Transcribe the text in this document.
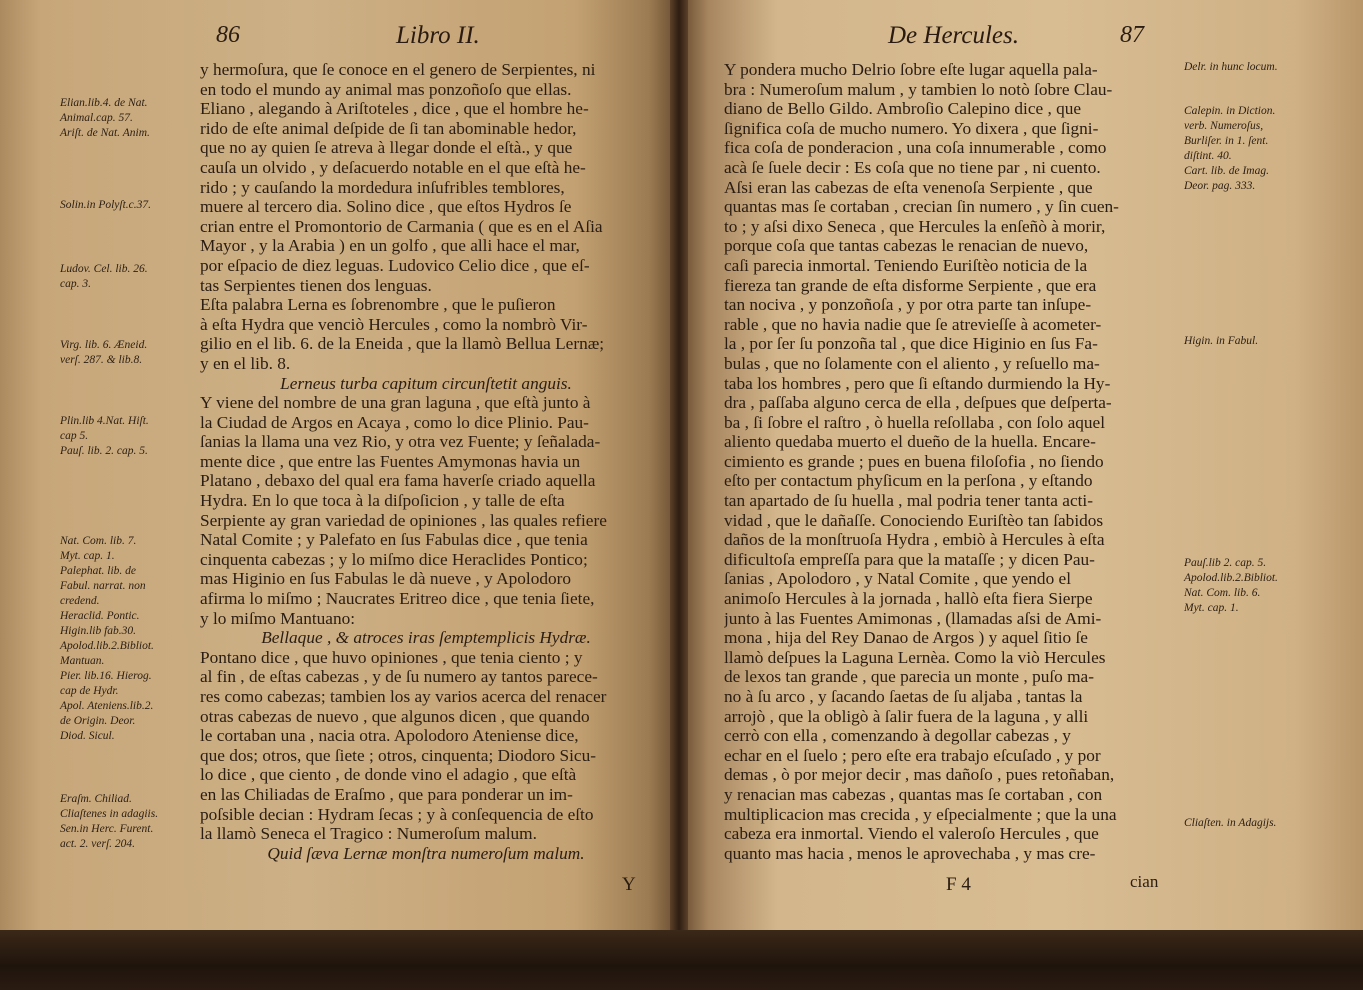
86	Libro II.
y hermoſura, que ſe conoce en el genero de Serpientes, ni
en todo el mundo ay animal mas ponzoñoſo que ellas.
Eliano , alegando à Ariſtoteles , dice , que el hombre he-
rido de eſte animal deſpide de ſi tan abominable hedor,
que no ay quien ſe atreva à llegar donde el eſtà., y que
cauſa un olvido , y deſacuerdo notable en el que eſtà he-
rido ; y cauſando la mordedura inſufribles temblores,
muere al tercero dia. Solino dice , que eſtos Hydros ſe
crian entre el Promontorio de Carmania ( que es en el Aſia
Mayor , y la Arabia ) en un golfo , que alli hace el mar,
por eſpacio de diez leguas. Ludovico Celio dice , que eſ-
tas Serpientes tienen dos lenguas.
Eſta palabra Lerna es ſobrenombre , que le puſieron
à eſta Hydra que venciò Hercules , como la nombrò Vir-
gilio en el lib. 6. de la Eneida , que la llamò Bellua Lernæ;
y en el lib. 8.
Lerneus turba capitum circunſtetit anguis.
Y viene del nombre de una gran laguna , que eſtà junto à
la Ciudad de Argos en Acaya , como lo dice Plinio. Pau-
ſanias la llama una vez Rio, y otra vez Fuente; y ſeñalada-
mente dice , que entre las Fuentes Amymonas havia un
Platano , debaxo del qual era fama haverſe criado aquella
Hydra. En lo que toca à la diſpoſicion , y talle de eſta
Serpiente ay gran variedad de opiniones , las quales refiere
Natal Comite ; y Palefato en ſus Fabulas dice , que tenia
cinquenta cabezas ; y lo miſmo dice Heraclides Pontico;
mas Higinio en ſus Fabulas le dà nueve , y Apolodoro
afirma lo miſmo ; Naucrates Eritreo dice , que tenia ſiete,
y lo miſmo Mantuano:
Bellaque , & atroces iras ſemptemplicis Hydræ.
Pontano dice , que huvo opiniones , que tenia ciento ; y
al fin , de eſtas cabezas , y de ſu numero ay tantos parece-
res como cabezas; tambien los ay varios acerca del renacer
otras cabezas de nuevo , que algunos dicen , que quando
le cortaban una , nacia otra. Apolodoro Ateniense dice,
que dos; otros, que ſiete ; otros, cinquenta; Diodoro Sicu-
lo dice , que ciento , de donde vino el adagio , que eſtà
en las Chiliadas de Eraſmo , que para ponderar un im-
poſsible decian : Hydram ſecas ; y à conſequencia de eſto
la llamò Seneca el Tragico : Numeroſum malum.
Quid ſæva Lernæ monſtra numeroſum malum.
Elian.lib.4. de Nat.
Animal.cap. 57.
Ariſt. de Nat. Anim.
Solin.in Polyſt.c.37.
Ludov. Cel. lib. 26.
cap. 3.
Virg. lib. 6. Æneid.
verſ. 287. & lib.8.
Plin.lib 4.Nat. Hiſt.
cap 5.
Pauſ. lib. 2. cap. 5.
Nat. Com. lib. 7.
Myt. cap. 1.
Palephat. lib. de
Fabul. narrat. non
credend.
Heraclid. Pontic.
Higin.lib fab.30.
Apolod.lib.2.Bibliot.
Mantuan.
Pier. lib.16. Hierog.
cap de Hydr.
Apol. Ateniens.lib.2.
de Origin. Deor.
Diod. Sicul.
Eraſm. Chiliad.
Cliaſtenes in adagiis.
Sen.in Herc. Furent.
act. 2. verſ. 204.
Y
De Hercules.	87
Y pondera mucho Delrio ſobre eſte lugar aquella pala-
bra : Numeroſum malum , y tambien lo notò ſobre Clau-
diano de Bello Gildo. Ambroſio Calepino dice , que
ſignifica coſa de mucho numero. Yo dixera , que ſigni-
fica coſa de ponderacion , una coſa innumerable , como
acà ſe ſuele decir : Es coſa que no tiene par , ni cuento.
Aſsi eran las cabezas de eſta venenoſa Serpiente , que
quantas mas ſe cortaban , crecian ſin numero , y ſin cuen-
to ; y aſsi dixo Seneca , que Hercules la enſeñò à morir,
porque coſa que tantas cabezas le renacian de nuevo,
caſi parecia inmortal. Teniendo Euriſtèo noticia de la
fiereza tan grande de eſta disforme Serpiente , que era
tan nociva , y ponzoñoſa , y por otra parte tan inſupe-
rable , que no havia nadie que ſe atrevieſſe à acometer-
la , por ſer ſu ponzoña tal , que dice Higinio en ſus Fa-
bulas , que no ſolamente con el aliento , y reſuello ma-
taba los hombres , pero que ſi eſtando durmiendo la Hy-
dra , paſſaba alguno cerca de ella , deſpues que deſperta-
ba , ſi ſobre el raſtro , ò huella reſollaba , con ſolo aquel
aliento quedaba muerto el dueño de la huella. Encare-
cimiento es grande ; pues en buena filoſofia , no ſiendo
eſto per contactum phyſicum en la perſona , y eſtando
tan apartado de ſu huella , mal podria tener tanta acti-
vidad , que le dañaſſe. Conociendo Euriſtèo tan ſabidos
daños de la monſtruoſa Hydra , embiò à Hercules à eſta
dificultoſa empreſſa para que la mataſſe ; y dicen Pau-
ſanias , Apolodoro , y Natal Comite , que yendo el
animoſo Hercules à la jornada , hallò eſta fiera Sierpe
junto à las Fuentes Amimonas , (llamadas aſsi de Ami-
mona , hija del Rey Danao de Argos ) y aquel ſitio ſe
llamò deſpues la Laguna Lernèa. Como la viò Hercules
de lexos tan grande , que parecia un monte , puſo ma-
no à ſu arco , y ſacando ſaetas de ſu aljaba , tantas la
arrojò , que la obligò à ſalir fuera de la laguna , y alli
cerrò con ella , comenzando à degollar cabezas , y
echar en el ſuelo ; pero eſte era trabajo eſcuſado , y por
demas , ò por mejor decir , mas dañoſo , pues retoñaban,
y renacian mas cabezas , quantas mas ſe cortaban , con
multiplicacion mas crecida , y eſpecialmente ; que la una
cabeza era inmortal. Viendo el valeroſo Hercules , que
quanto mas hacia , menos le aprovechaba , y mas cre-
Delr. in hunc locum.
Calepin. in Diction.
verb. Numeroſus,
Burliſer. in 1. ſent.
diſtint. 40.
Cart. lib. de Imag.
Deor. pag. 333.
Higin. in Fabul.
Pauſ.lib 2. cap. 5.
Apolod.lib.2.Bibliot.
Nat. Com. lib. 6.
Myt. cap. 1.
Cliaſten. in Adagijs.
F 4	cian
